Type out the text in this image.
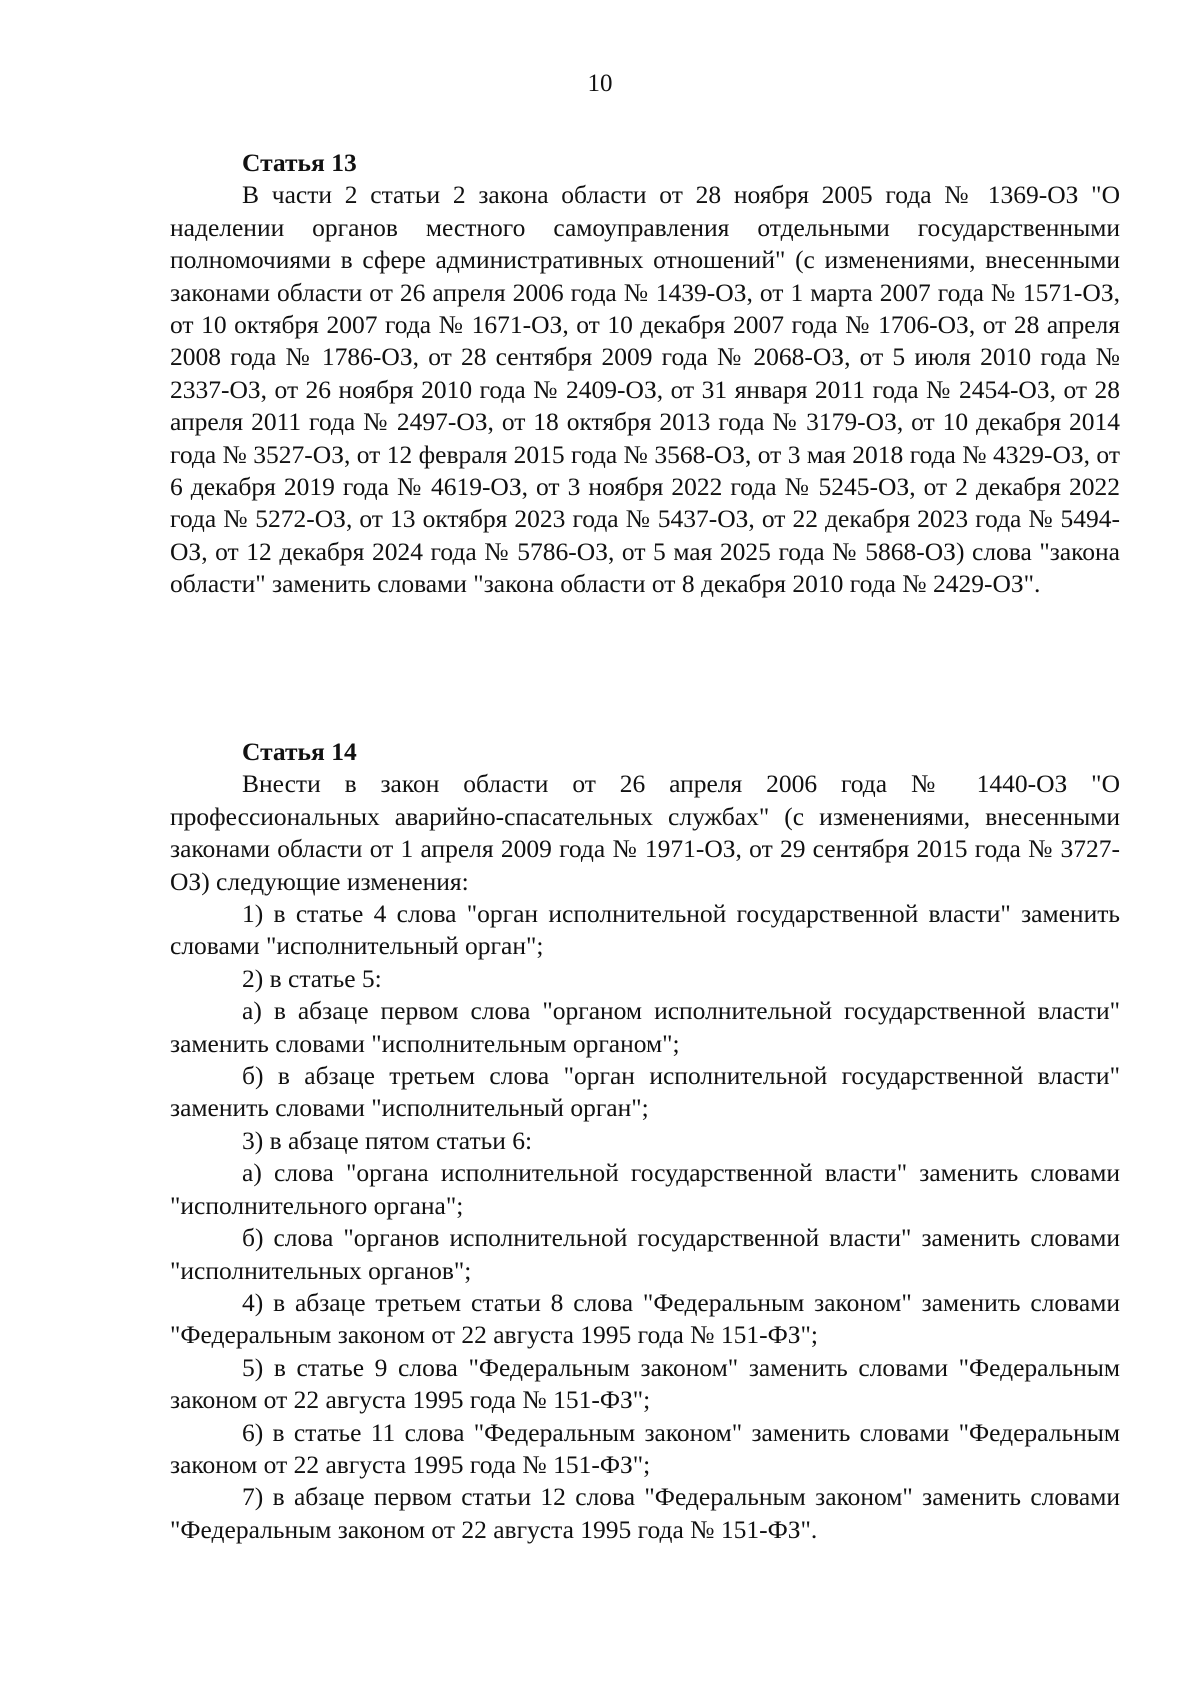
10
Статья 13

В части 2 статьи 2 закона области от 28 ноября 2005 года № 1369-ОЗ "О наделении органов местного самоуправления отдельными государственными полномочиями в сфере административных отношений" (с изменениями, внесенными законами области от 26 апреля 2006 года № 1439-ОЗ, от 1 марта 2007 года № 1571-ОЗ, от 10 октября 2007 года № 1671-ОЗ, от 10 декабря 2007 года № 1706-ОЗ, от 28 апреля 2008 года № 1786-ОЗ, от 28 сентября 2009 года № 2068-ОЗ, от 5 июля 2010 года № 2337-ОЗ, от 26 ноября 2010 года № 2409-ОЗ, от 31 января 2011 года № 2454-ОЗ, от 28 апреля 2011 года № 2497-ОЗ, от 18 октября 2013 года № 3179-ОЗ, от 10 декабря 2014 года № 3527-ОЗ, от 12 февраля 2015 года № 3568-ОЗ, от 3 мая 2018 года № 4329-ОЗ, от 6 декабря 2019 года № 4619-ОЗ, от 3 ноября 2022 года № 5245-ОЗ, от 2 декабря 2022 года № 5272-ОЗ, от 13 октября 2023 года № 5437-ОЗ, от 22 декабря 2023 года № 5494-ОЗ, от 12 декабря 2024 года № 5786-ОЗ, от 5 мая 2025 года № 5868-ОЗ) слова "закона области" заменить словами "закона области от 8 декабря 2010 года № 2429-ОЗ".

Статья 14

Внести в закон области от 26 апреля 2006 года № 1440-ОЗ "О профессиональных аварийно-спасательных службах" (с изменениями, внесенными законами области от 1 апреля 2009 года № 1971-ОЗ, от 29 сентября 2015 года № 3727-ОЗ) следующие изменения:

1) в статье 4 слова "орган исполнительной государственной власти" заменить словами "исполнительный орган";

2) в статье 5:

а) в абзаце первом слова "органом исполнительной государственной власти" заменить словами "исполнительным органом";

б) в абзаце третьем слова "орган исполнительной государственной власти" заменить словами "исполнительный орган";

3) в абзаце пятом статьи 6:

а) слова "органа исполнительной государственной власти" заменить словами "исполнительного органа";

б) слова "органов исполнительной государственной власти" заменить словами "исполнительных органов";

4) в абзаце третьем статьи 8 слова "Федеральным законом" заменить словами "Федеральным законом от 22 августа 1995 года № 151-ФЗ";

5) в статье 9 слова "Федеральным законом" заменить словами "Федеральным законом от 22 августа 1995 года № 151-ФЗ";

6) в статье 11 слова "Федеральным законом" заменить словами "Федеральным законом от 22 августа 1995 года № 151-ФЗ";

7) в абзаце первом статьи 12 слова "Федеральным законом" заменить словами "Федеральным законом от 22 августа 1995 года № 151-ФЗ".
